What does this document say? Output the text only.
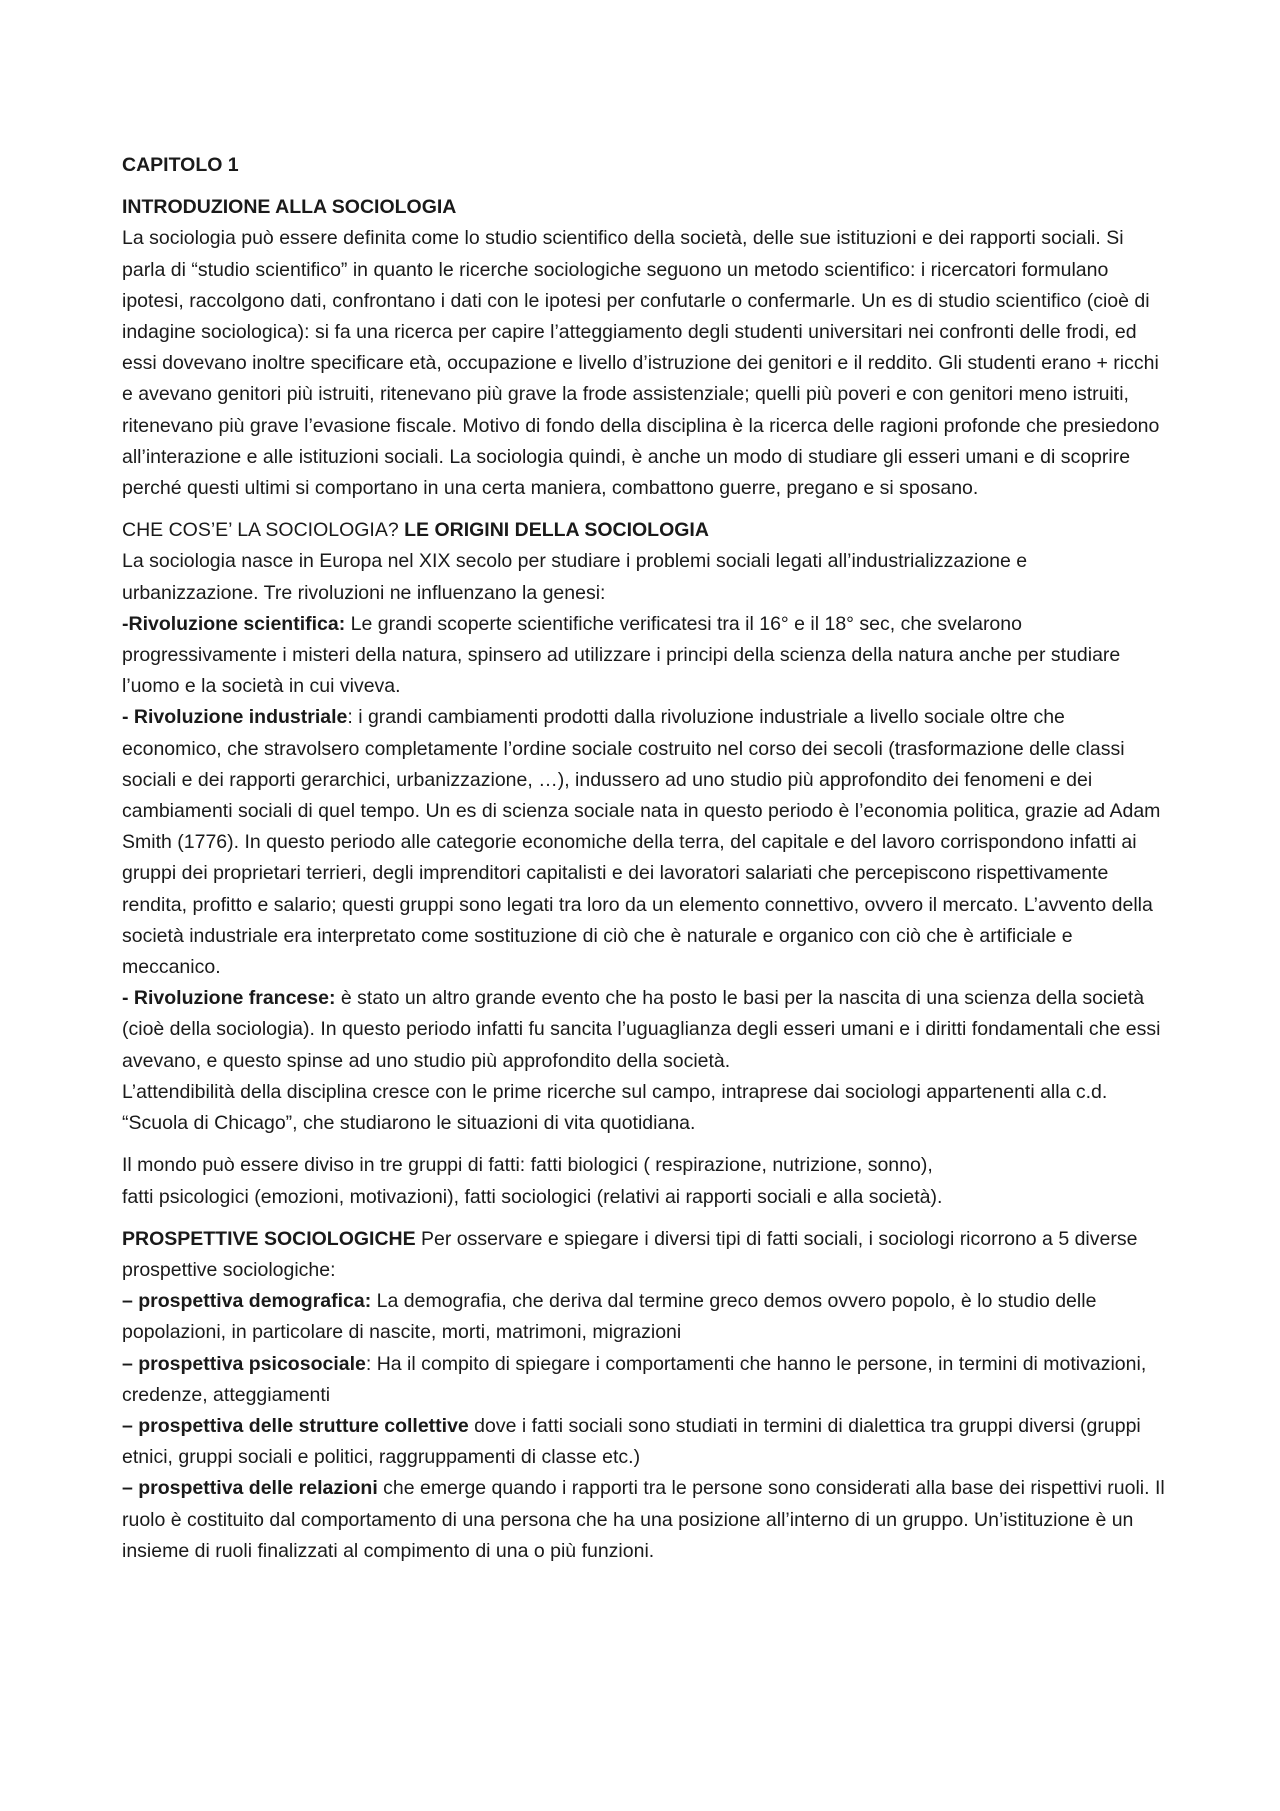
CAPITOLO 1

INTRODUZIONE ALLA SOCIOLOGIA

La sociologia può essere definita come lo studio scientifico della società, delle sue istituzioni e dei rapporti sociali. Si parla di “studio scientifico” in quanto le ricerche sociologiche seguono un metodo scientifico: i ricercatori formulano ipotesi, raccolgono dati, confrontano i dati con le ipotesi per confutarle o confermarle. Un es di studio scientifico (cioè di indagine sociologica): si fa una ricerca per capire l’atteggiamento degli studenti universitari nei confronti delle frodi, ed essi dovevano inoltre specificare età, occupazione e livello d’istruzione dei genitori e il reddito. Gli studenti erano + ricchi e avevano genitori più istruiti, ritenevano più grave la frode assistenziale; quelli più poveri e con genitori meno istruiti, ritenevano più grave l’evasione fiscale. Motivo di fondo della disciplina è la ricerca delle ragioni profonde che presiedono all’interazione e alle istituzioni sociali. La sociologia quindi, è anche un modo di studiare gli esseri umani e di scoprire perché questi ultimi si comportano in una certa maniera, combattono guerre, pregano e si sposano.

CHE COS’E’ LA SOCIOLOGIA? LE ORIGINI DELLA SOCIOLOGIA

La sociologia nasce in Europa nel XIX secolo per studiare i problemi sociali legati all’industrializzazione e urbanizzazione. Tre rivoluzioni ne influenzano la genesi:

-Rivoluzione scientifica: Le grandi scoperte scientifiche verificatesi tra il 16° e il 18° sec, che svelarono progressivamente i misteri della natura, spinsero ad utilizzare i principi della scienza della natura anche per studiare l’uomo e la società in cui viveva.

- Rivoluzione industriale: i grandi cambiamenti prodotti dalla rivoluzione industriale a livello sociale oltre che economico, che stravolsero completamente l’ordine sociale costruito nel corso dei secoli (trasformazione delle classi sociali e dei rapporti gerarchici, urbanizzazione, …), indussero ad uno studio più approfondito dei fenomeni e dei cambiamenti sociali di quel tempo. Un es di scienza sociale nata in questo periodo è l’economia politica, grazie ad Adam Smith (1776). In questo periodo alle categorie economiche della terra, del capitale e del lavoro corrispondono infatti ai gruppi dei proprietari terrieri, degli imprenditori capitalisti e dei lavoratori salariati che percepiscono rispettivamente rendita, profitto e salario; questi gruppi sono legati tra loro da un elemento connettivo, ovvero il mercato. L’avvento della società industriale era interpretato come sostituzione di ciò che è naturale e organico con ciò che è artificiale e meccanico.

- Rivoluzione francese: è stato un altro grande evento che ha posto le basi per la nascita di una scienza della società (cioè della sociologia). In questo periodo infatti fu sancita l’uguaglianza degli esseri umani e i diritti fondamentali che essi avevano, e questo spinse ad uno studio più approfondito della società.

L’attendibilità della disciplina cresce con le prime ricerche sul campo, intraprese dai sociologi appartenenti alla c.d. “Scuola di Chicago”, che studiarono le situazioni di vita quotidiana.

Il mondo può essere diviso in tre gruppi di fatti: fatti biologici ( respirazione, nutrizione, sonno),
fatti psicologici (emozioni, motivazioni), fatti sociologici (relativi ai rapporti sociali e alla società).

PROSPETTIVE SOCIOLOGICHE Per osservare e spiegare i diversi tipi di fatti sociali, i sociologi ricorrono a 5 diverse prospettive sociologiche:

– prospettiva demografica: La demografia, che deriva dal termine greco demos ovvero popolo, è lo studio delle popolazioni, in particolare di nascite, morti, matrimoni, migrazioni

– prospettiva psicosociale: Ha il compito di spiegare i comportamenti che hanno le persone, in termini di motivazioni, credenze, atteggiamenti

– prospettiva delle strutture collettive dove i fatti sociali sono studiati in termini di dialettica tra gruppi diversi (gruppi etnici, gruppi sociali e politici, raggruppamenti di classe etc.)

– prospettiva delle relazioni che emerge quando i rapporti tra le persone sono considerati alla base dei rispettivi ruoli. Il ruolo è costituito dal comportamento di una persona che ha una posizione all’interno di un gruppo. Un’istituzione è un insieme di ruoli finalizzati al compimento di una o più funzioni.
